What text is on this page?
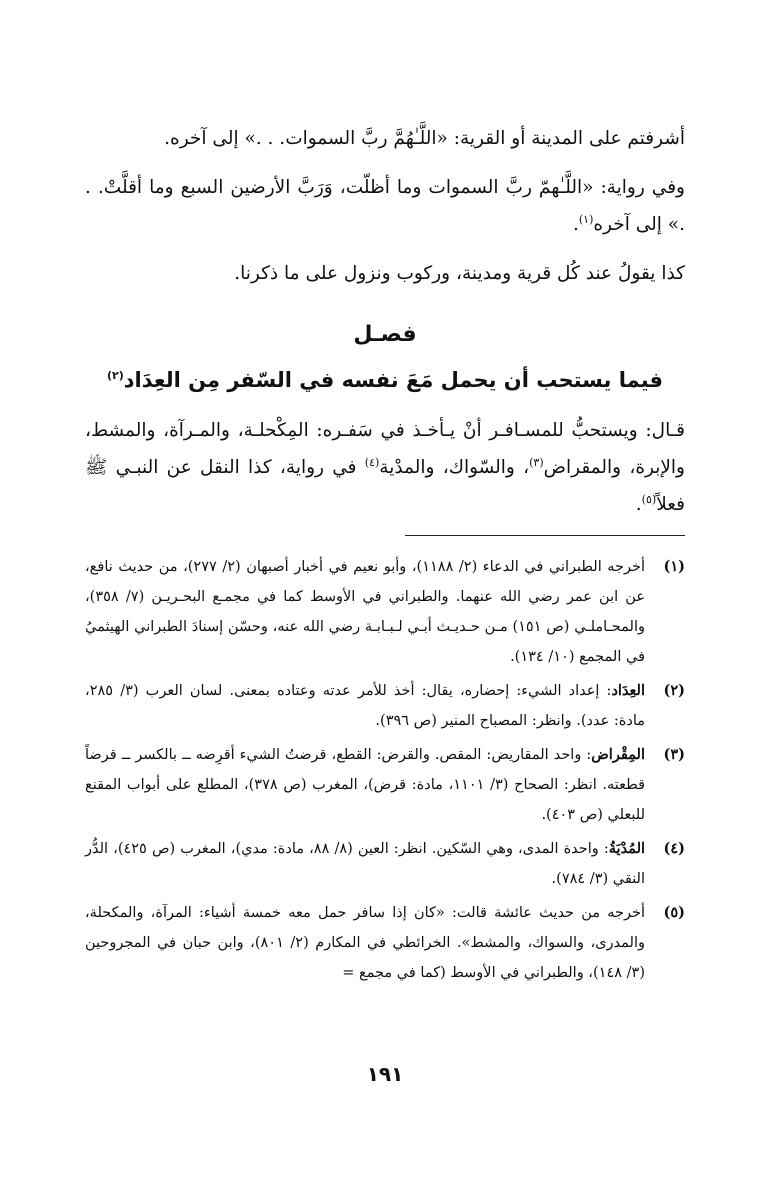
أشرفتم على المدينة أو القرية: «اللَّـٰهُمَّ ربَّ السموات. . .» إلى آخره.

وفي رواية: «اللَّـٰهمّ ربَّ السموات وما أظلّت، وَرَبَّ الأرضين السبع وما أقلَّتْ. . .» إلى آخره$^{(١)}$.

كذا يقولُ عند كُل قرية ومدينة، وركوب ونزول على ما ذكرنا.

فصـل
فيما يستحب أن يحمل مَعَ نفسه في السّفر مِن العِدَاد$^{(٢)}$

قـال: ويستحبُّ للمسـافـر أنْ يـأخـذ في سَفـره: المِكْحلـة، والمـرآة، والمشط، والإبرة، والمقراض$^{(٣)}$، والسّواك، والمدْية$^{(٤)}$ في رواية، كذا النقل عن النبـي ﷺ فعلاً$^{(٥)}$.

(١)
أخرجه الطبراني في الدعاء (٢/ ١١٨٨)، وأبو نعيم في أخبار أصبهان (٢/ ٢٧٧)، من حديث نافع، عن ابن عمر رضي الله عنهما. والطبراني في الأوسط كما في مجمـع البحـريـن (٧/ ٣٥٨)، والمحـاملـي (ص ١٥١) مـن حـديـث أبـي لـبـابـة رضي الله عنه، وحسّن إسنادَ الطبراني الهيثميُ في المجمع (١٠/ ١٣٤).
(٢)
العِدَاد: إعداد الشيء: إحضاره، يقال: أخذ للأمر عدته وعتاده بمعنى. لسان العرب (٣/ ٢٨٥، مادة: عدد). وانظر: المصباح المنير (ص ٣٩٦).
(٣)
المِقْراض: واحد المقاريض: المقص. والقرض: القطع، قرضتُ الشيء أقرِضه ــ بالكسر ــ قرضاً قطعته. انظر: الصحاح (٣/ ١١٠١، مادة: قرض)، المغرب (ص ٣٧٨)، المطلع على أبواب المقنع للبعلي (ص ٤٠٣).
(٤)
المُدْيَةُ: واحدة المدى، وهي السّكين. انظر: العين (٨/ ٨٨، مادة: مدي)، المغرب (ص ٤٢٥)، الدُّر النقي (٣/ ٧٨٤).
(٥)
أخرجه من حديث عائشة قالت: «كان إذا سافر حمل معه خمسة أشياء: المرآة، والمكحلة، والمدرى، والسواك، والمشط». الخرائطي في المكارم (٢/ ٨٠١)، وابن حبان في المجروحين (٣/ ١٤٨)، والطبراني في الأوسط (كما في مجمع =
١٩١
